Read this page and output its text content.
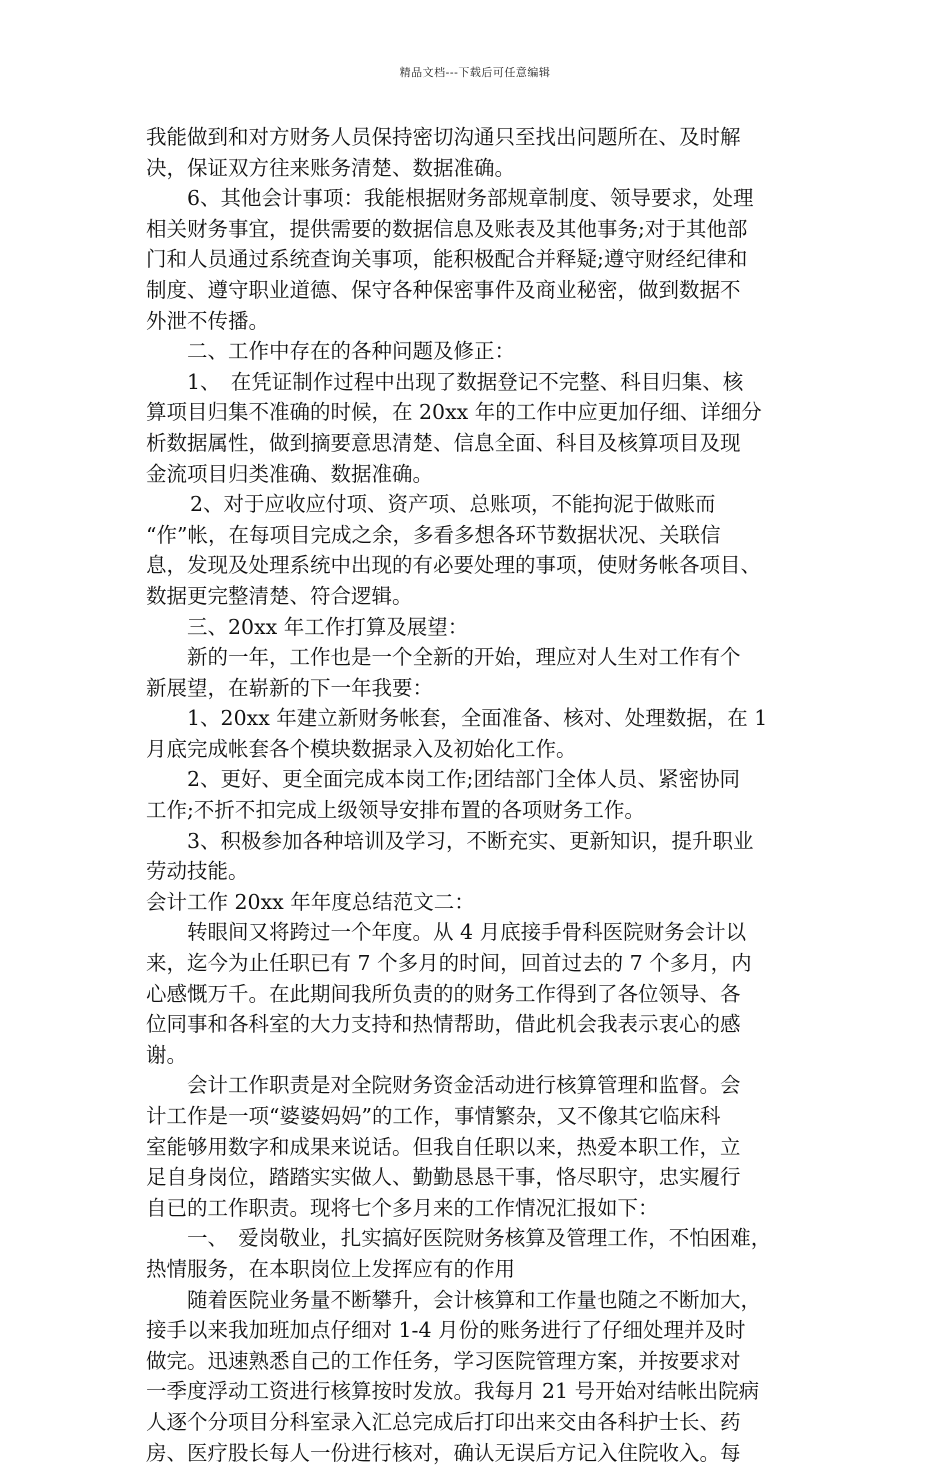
精品文档---下载后可任意编辑
我能做到和对方财务人员保持密切沟通只至找出问题所在、及时解
决，保证双方往来账务清楚、数据准确。
6、其他会计事项：我能根据财务部规章制度、领导要求，处理
相关财务事宜，提供需要的数据信息及账表及其他事务;对于其他部
门和人员通过系统查询关事项，能积极配合并释疑;遵守财经纪律和
制度、遵守职业道德、保守各种保密事件及商业秘密，做到数据不
外泄不传播。
二、工作中存在的各种问题及修正：
1、　在凭证制作过程中出现了数据登记不完整、科目归集、核
算项目归集不准确的时候，在 20xx 年的工作中应更加仔细、详细分
析数据属性，做到摘要意思清楚、信息全面、科目及核算项目及现
金流项目归类准确、数据准确。
2、对于应收应付项、资产项、总账项，不能拘泥于做账而
“作”帐，在每项目完成之余，多看多想各环节数据状况、关联信
息，发现及处理系统中出现的有必要处理的事项，使财务帐各项目、
数据更完整清楚、符合逻辑。
三、20xx 年工作打算及展望：
新的一年，工作也是一个全新的开始，理应对人生对工作有个
新展望，在崭新的下一年我要：
1、20xx 年建立新财务帐套，全面准备、核对、处理数据，在 1
月底完成帐套各个模块数据录入及初始化工作。
2、更好、更全面完成本岗工作;团结部门全体人员、紧密协同
工作;不折不扣完成上级领导安排布置的各项财务工作。
3、积极参加各种培训及学习，不断充实、更新知识，提升职业
劳动技能。
会计工作 20xx 年年度总结范文二：
转眼间又将跨过一个年度。从 4 月底接手骨科医院财务会计以
来，迄今为止任职已有 7 个多月的时间，回首过去的 7 个多月，内
心感慨万千。在此期间我所负责的的财务工作得到了各位领导、各
位同事和各科室的大力支持和热情帮助，借此机会我表示衷心的感
谢。
会计工作职责是对全院财务资金活动进行核算管理和监督。会
计工作是一项“婆婆妈妈”的工作，事情繁杂，又不像其它临床科
室能够用数字和成果来说话。但我自任职以来，热爱本职工作，立
足自身岗位，踏踏实实做人、勤勤恳恳干事，恪尽职守，忠实履行
自已的工作职责。现将七个多月来的工作情况汇报如下：
一、　爱岗敬业，扎实搞好医院财务核算及管理工作，不怕困难，
热情服务，在本职岗位上发挥应有的作用
随着医院业务量不断攀升，会计核算和工作量也随之不断加大，
接手以来我加班加点仔细对 1-4 月份的账务进行了仔细处理并及时
做完。迅速熟悉自己的工作任务，学习医院管理方案，并按要求对
一季度浮动工资进行核算按时发放。我每月 21 号开始对结帐出院病
人逐个分项目分科室录入汇总完成后打印出来交由各科护士长、药
房、医疗股长每人一份进行核对，确认无误后方记入住院收入。每
